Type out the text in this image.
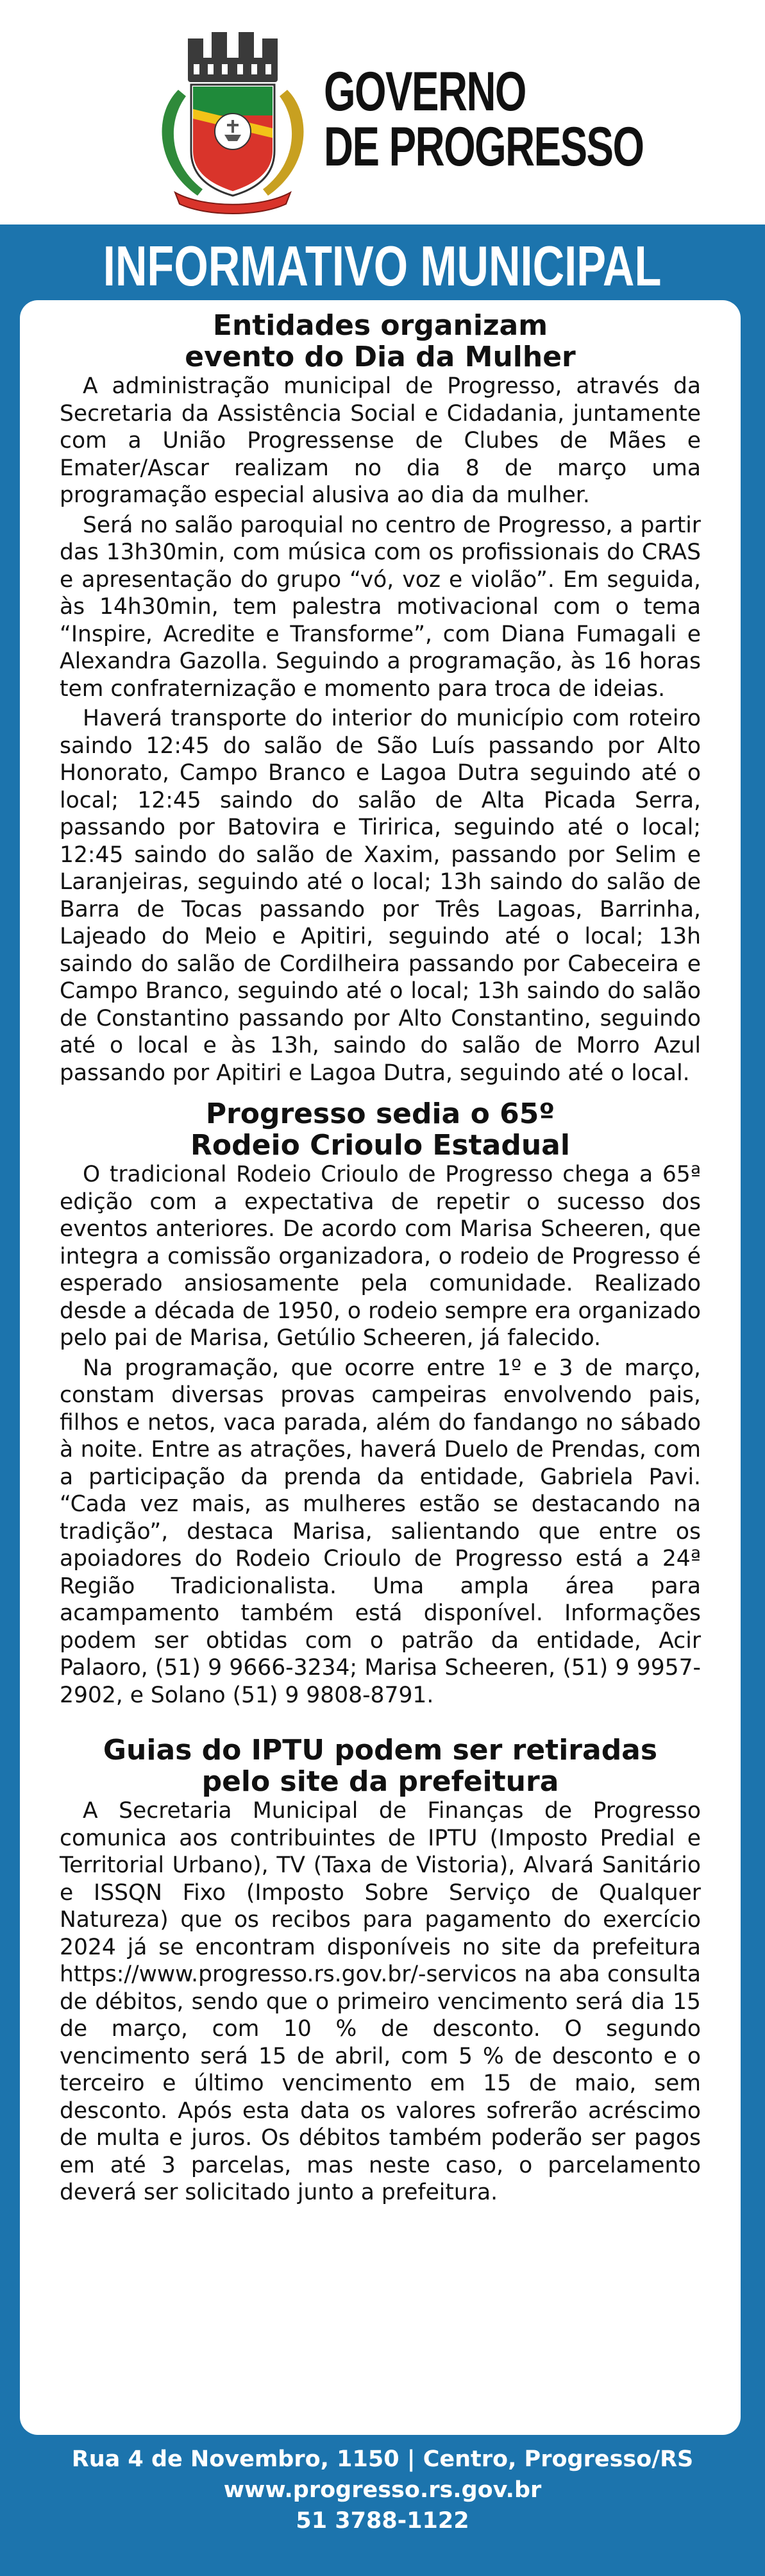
GOVERNO
DE PROGRESSO
INFORMATIVO MUNICIPAL
Entidades organizam
evento do Dia da Mulher

A administração municipal de Progresso, através da Secretaria da Assistência Social e Cidadania, juntamente com a União Progressense de Clubes de Mães e Emater/Ascar realizam no dia 8 de março uma programação especial alusiva ao dia da mulher.

Será no salão paroquial no centro de Progresso, a partir das 13h30min, com música com os profissionais do CRAS e apresentação do grupo “vó, voz e violão”. Em seguida, às 14h30min, tem palestra motivacional com o tema “Inspire, Acredite e Transforme”, com Diana Fumagali e Alexandra Gazolla. Seguindo a programação, às 16 horas tem confraternização e momento para troca de ideias.

Haverá transporte do interior do município com roteiro saindo 12:45 do salão de São Luís passando por Alto Honorato, Campo Branco e Lagoa Dutra seguindo até o local; 12:45 saindo do salão de Alta Picada Serra, passando por Batovira e Tiririca, seguindo até o local; 12:45 saindo do salão de Xaxim, passando por Selim e Laranjeiras, seguindo até o local; 13h saindo do salão de Barra de Tocas passando por Três Lagoas, Barrinha, Lajeado do Meio e Apitiri, seguindo até o local; 13h saindo do salão de Cordilheira passando por Cabeceira e Campo Branco, seguindo até o local; 13h saindo do salão de Constantino passando por Alto Constantino, seguindo até o local e às 13h, saindo do salão de Morro Azul passando por Apitiri e Lagoa Dutra, seguindo até o local.

Progresso sedia o 65º
Rodeio Crioulo Estadual

O tradicional Rodeio Crioulo de Progresso chega a 65ª edição com a expectativa de repetir o sucesso dos eventos anteriores. De acordo com Marisa Scheeren, que integra a comissão organizadora, o rodeio de Progresso é esperado ansiosamente pela comunidade. Realizado desde a década de 1950, o rodeio sempre era organizado pelo pai de Marisa, Getúlio Scheeren, já falecido.

Na programação, que ocorre entre 1º e 3 de março, constam diversas provas campeiras envolvendo pais, filhos e netos, vaca parada, além do fandango no sábado à noite. Entre as atrações, haverá Duelo de Prendas, com a participação da prenda da entidade, Gabriela Pavi. “Cada vez mais, as mulheres estão se destacando na tradição”, destaca Marisa, salientando que entre os apoiadores do Rodeio Crioulo de Progresso está a 24ª Região Tradicionalista. Uma ampla área para acampamento também está disponível. Informações podem ser obtidas com o patrão da entidade, Acir Palaoro, (51) 9 9666-3234; Marisa Scheeren, (51) 9 9957-2902, e Solano (51) 9 9808-8791.

Guias do IPTU podem ser retiradas
pelo site da prefeitura

A Secretaria Municipal de Finanças de Progresso comunica aos contribuintes de IPTU (Imposto Predial e Territorial Urbano), TV (Taxa de Vistoria), Alvará Sanitário e ISSQN Fixo (Imposto Sobre Serviço de Qualquer Natureza) que os recibos para pagamento do exercício 2024 já se encontram disponíveis no site da prefeitura https://www.progresso.rs.gov.br/-servicos na aba consulta de débitos, sendo que o primeiro vencimento será dia 15 de março, com 10 % de desconto. O segundo vencimento será 15 de abril, com 5 % de desconto e o terceiro e último vencimento em 15 de maio, sem desconto. Após esta data os valores sofrerão acréscimo de multa e juros. Os débitos também poderão ser pagos em até 3 parcelas, mas neste caso, o parcelamento deverá ser solicitado junto a prefeitura.

Rua 4 de Novembro, 1150 | Centro, Progresso/RS
www.progresso.rs.gov.br
51 3788-1122
